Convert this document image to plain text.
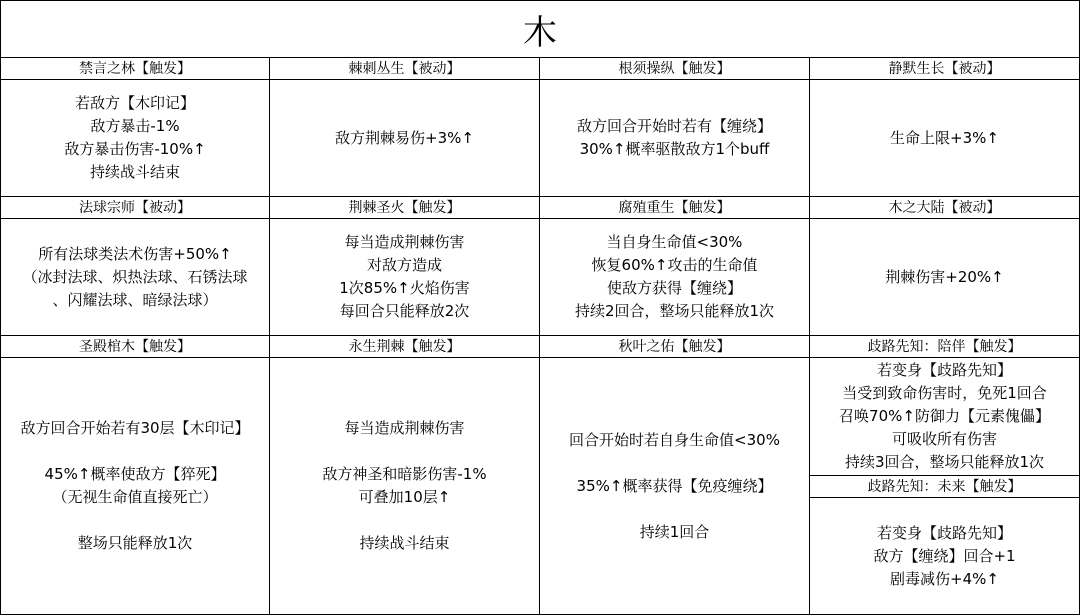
木
禁言之林【触发】
若敌方【木印记】
敌方暴击-1%
敌方暴击伤害-10%↑
持续战斗结束
棘刺丛生【被动】
敌方荆棘易伤+3%↑
根须操纵【触发】
敌方回合开始时若有【缠绕】
30%↑概率驱散敌方1个buff
静默生长【被动】
生命上限+3%↑
法球宗师【被动】
所有法球类法术伤害+50%↑
（冰封法球、炽热法球、石锈法球
、闪耀法球、暗绿法球）
荆棘圣火【触发】
每当造成荆棘伤害
对敌方造成
1次85%↑火焰伤害
每回合只能释放2次
腐殖重生【触发】
当自身生命值<30%
恢复60%↑攻击的生命值
使敌方获得【缠绕】
持续2回合，整场只能释放1次
木之大陆【被动】
荆棘伤害+20%↑
圣殿棺木【触发】
敌方回合开始若有30层【木印记】
45%↑概率使敌方【猝死】
（无视生命值直接死亡）
整场只能释放1次
永生荆棘【触发】
每当造成荆棘伤害
敌方神圣和暗影伤害-1%
可叠加10层↑
持续战斗结束
秋叶之佑【触发】
回合开始时若自身生命值<30%
35%↑概率获得【免疫缠绕】
持续1回合
歧路先知：陪伴【触发】
若变身【歧路先知】
当受到致命伤害时，免死1回合
召唤70%↑防御力【元素傀儡】
可吸收所有伤害
持续3回合，整场只能释放1次
歧路先知：未来【触发】
若变身【歧路先知】
敌方【缠绕】回合+1
剧毒减伤+4%↑
